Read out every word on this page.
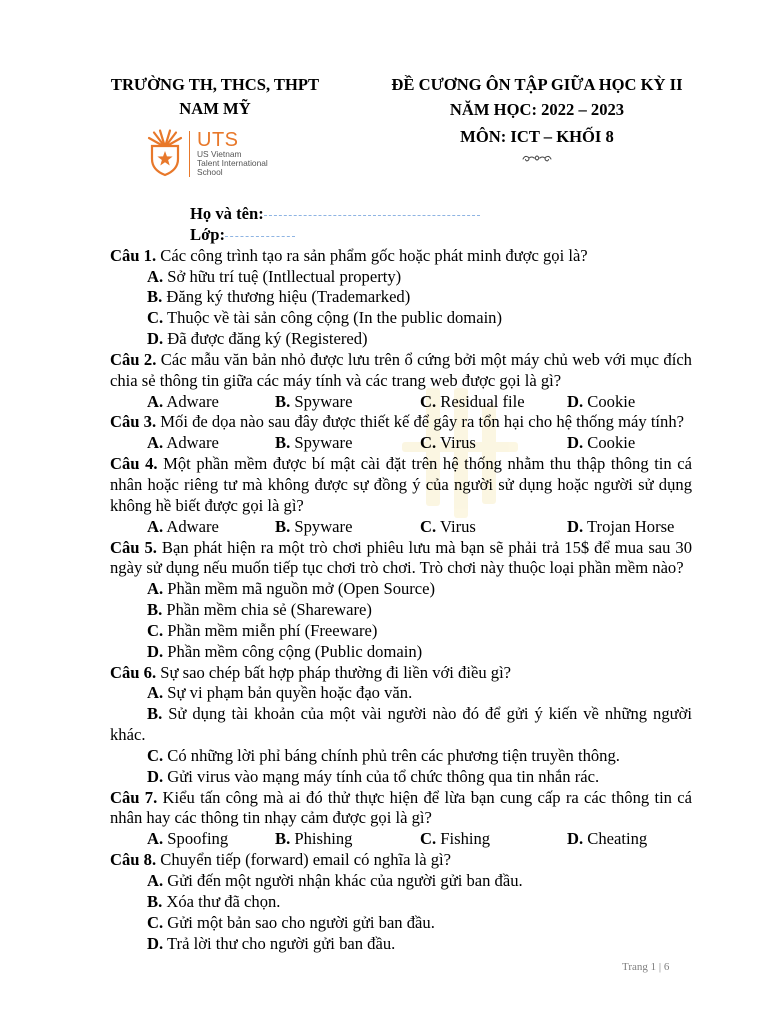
TRƯỜNG TH, THCS, THPT
NAM MỸ
UTS
US Vietnam
Talent International
School
ĐỀ CƯƠNG ÔN TẬP GIỮA HỌC KỲ II
NĂM HỌC: 2022 – 2023
MÔN: ICT – KHỐI 8
Họ và tên:
Lớp:
Câu 1. Các công trình tạo ra sản phẩm gốc hoặc phát minh được gọi là?
A. Sở hữu trí tuệ (Intllectual property)
B. Đăng ký thương hiệu (Trademarked)
C. Thuộc về tài sản công cộng (In the public domain)
D. Đã được đăng ký (Registered)
Câu 2. Các mẫu văn bản nhỏ được lưu trên ổ cứng bởi một máy chủ web với mục đích
chia sẻ thông tin giữa các máy tính và các trang web được gọi là gì?
A. Adware	B. Spyware	C. Residual file	D. Cookie
Câu 3. Mối đe dọa nào sau đây được thiết kế để gây ra tổn hại cho hệ thống máy tính?
A. Adware	B. Spyware	C. Virus	D. Cookie
Câu 4. Một phần mềm được bí mật cài đặt trên hệ thống nhằm thu thập thông tin cá
nhân hoặc riêng tư mà không được sự đồng ý của người sử dụng hoặc người sử dụng
không hề biết được gọi là gì?
A. Adware	B. Spyware	C. Virus	D. Trojan Horse
Câu 5. Bạn phát hiện ra một trò chơi phiêu lưu mà bạn sẽ phải trả 15$ để mua sau 30
ngày sử dụng nếu muốn tiếp tục chơi trò chơi. Trò chơi này thuộc loại phần mềm nào?
A. Phần mềm mã nguồn mở (Open Source)
B. Phần mềm chia sẻ (Shareware)
C. Phần mềm miễn phí (Freeware)
D. Phần mềm công cộng (Public domain)
Câu 6. Sự sao chép bất hợp pháp thường đi liền với điều gì?
A. Sự vi phạm bản quyền hoặc đạo văn.
B. Sử dụng tài khoản của một vài người nào đó để gửi ý kiến về những người
khác.
C. Có những lời phỉ báng chính phủ trên các phương tiện truyền thông.
D. Gửi virus vào mạng máy tính của tổ chức thông qua tin nhắn rác.
Câu 7. Kiểu tấn công mà ai đó thử thực hiện để lừa bạn cung cấp ra các thông tin cá
nhân hay các thông tin nhạy cảm được gọi là gì?
A. Spoofing	B. Phishing	C. Fishing	D. Cheating
Câu 8. Chuyển tiếp (forward) email có nghĩa là gì?
A. Gửi đến một người nhận khác của người gửi ban đầu.
B. Xóa thư đã chọn.
C. Gửi một bản sao cho người gửi ban đầu.
D. Trả lời thư cho người gửi ban đầu.
Trang 1 | 6
